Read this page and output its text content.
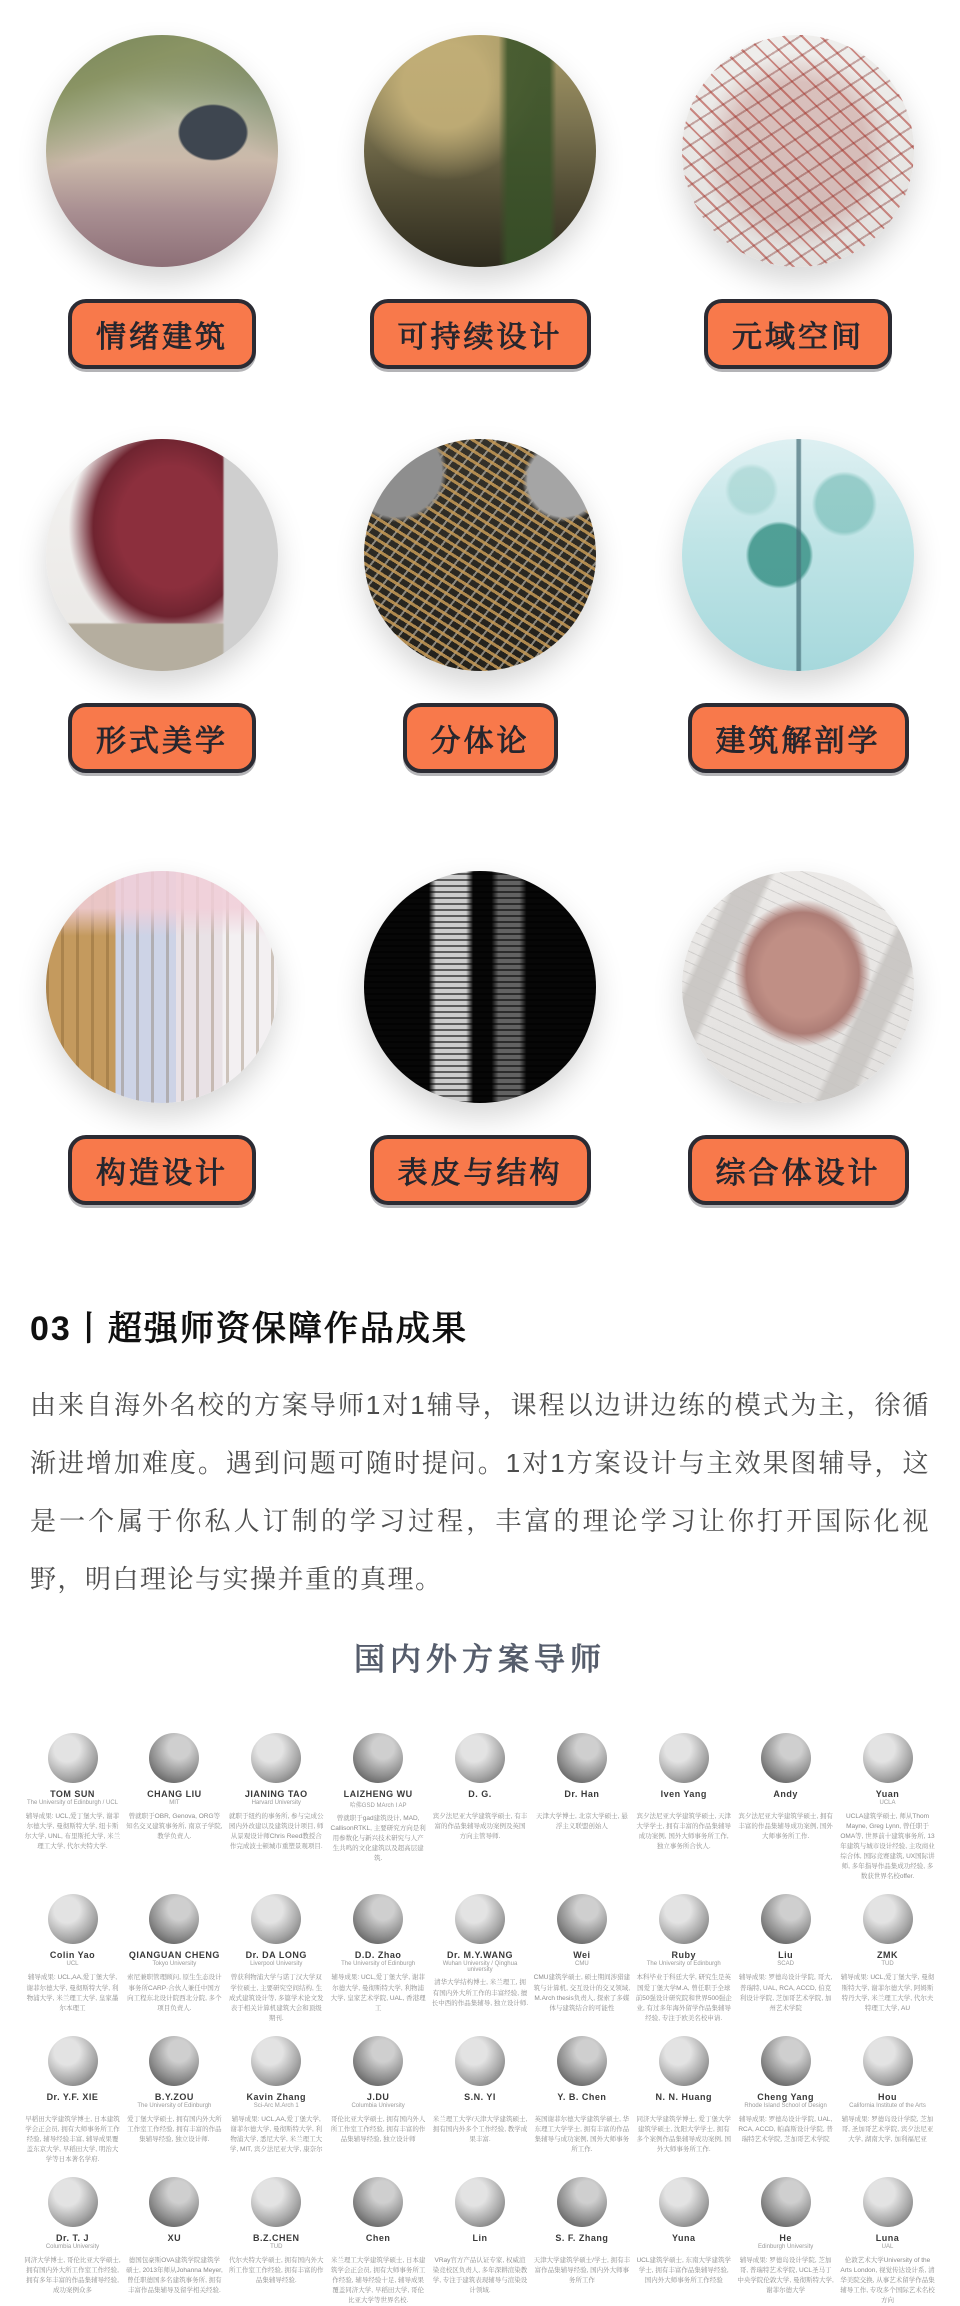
情绪建筑	可持续设计	元域空间
形式美学	分体论	建筑解剖学
构造设计	表皮与结构	综合体设计
03丨超强师资保障作品成果
由来自海外名校的方案导师1对1辅导，课程以边讲边练的模式为主，徐循渐进增加难度。遇到问题可随时提问。1对1方案设计与主效果图辅导，这是一个属于你私人订制的学习过程，丰富的理论学习让你打开国际化视野，明白理论与实操并重的真理。
国内外方案导师
TOM SUN
The University of Edinburgh / UCL
辅导成果: UCL,爱丁堡大学, 谢菲尔德大学, 曼彻斯特大学, 纽卡斯尔大学, UNL, 布里斯托大学, 米兰理工大学, 代尔夫特大学.
CHANG LIU
MIT
曾就职于OBR, Genova, ORG等知名交叉建筑事务所, 南京子学院, 教学负责人.
JIANING TAO
Harvard University
就职于纽约的事务所, 参与完成公园内外改建以及建筑设计项目, 师从景观设计师Chris Reed教授合作完成波士顿城市重塑景观项目.
LAIZHENG WU
哈佛GSD MArch I AP
曾就职于gad建筑设计, MAD, CallisonRTKL, 主要研究方向是利用参数化与新兴技术研究与人产生共鸣的文化建筑以及超高层建筑.
D. G.
宾夕法尼亚大学建筑学硕士, 有丰富的作品集辅导成功案例及英国方向主管导师.
Dr. Han
天津大学博士, 北京大学硕士, 悬浮主义联盟创始人
Iven Yang
宾夕法尼亚大学建筑学硕士, 天津大学学士, 拥有丰富的作品集辅导成功案例, 国外大师事务所工作, 独立事务所合伙人.
Andy
宾夕法尼亚大学建筑学硕士, 拥有丰富的作品集辅导成功案例, 国外大师事务所工作.
Yuan
UCLA
UCLA建筑学硕士, 师从Thom Mayne, Greg Lynn, 曾任职于OMA等, 世界前十建筑事务所, 13年建筑与城市设计经验, 主攻商业综合体, 国际竞赛建筑, UX国际讲师, 多年指导作品集成功经验, 多数获世界名校offer.
Colin Yao
UCL
辅导成果: UCL,AA,爱丁堡大学, 谢菲尔德大学, 曼彻斯特大学, 利物浦大学, 米兰理工大学, 皇家墨尔本理工
QIANGUAN CHENG
Tokyo University
索尼兼职管理顾问, 原生生态设计事务所CARP·合伙人兼任中国方向工程东北设计院西北分院, 多个项目负责人.
Dr. DA LONG
Liverpool University
曾获利物浦大学与诺丁汉大学双学位硕士, 主要研究空间结构, 生成式建筑设计等, 多篇学术论文发表于相关计算机建筑大会和顶级期刊.
D.D. Zhao
The University of Edinburgh
辅导成果: UCL,爱丁堡大学, 谢菲尔德大学, 曼彻斯特大学, 利物浦大学, 皇家艺术学院, UAL, 香港理工
Dr. M.Y.WANG
Wuhan University / Qinghua university
清华大学结构博士, 米兰理工, 拥有国内外大所工作的丰富经验, 擅长中西的作品集辅导, 独立设计师.
Wei
CMU
CMU建筑学硕士, 硕士期间涉猎建筑与计算机, 交互设计的交叉领域, M.Arch thesis负责人, 探索了多媒体与建筑结合的可能性
Ruby
The University of Edinburgh
本科毕业于科廷大学, 研究生是英国爱丁堡大学M.A, 曾任职于全球前50强设计研究院和世界500强企业, 有过多年海外留学作品集辅导经验, 专注于欧美名校申请.
Liu
SCAD
辅导成果: 罗德岛设计学院, 哥大, 普瑞特, UAL, RCA, ACCD, 伯克利设计学院, 芝加哥艺术学院, 加州艺术学院
ZMK
TUD
辅导成果: UCL,爱丁堡大学, 曼彻斯特大学, 谢菲尔德大学, 阿姆斯特丹大学, 米兰理工大学, 代尔夫特理工大学, AU
Dr. Y.F. XIE
早稻田大学建筑学博士, 日本建筑学会正会员, 拥有大师事务所工作经验, 辅导经验丰富, 辅导成果覆盖东京大学, 早稻田大学, 明治大学等日本著名学府.
B.Y.ZOU
The University of Edinburgh
爱丁堡大学硕士, 拥有国内外大所工作室工作经验, 拥有丰富的作品集辅导经验, 独立设计师.
Kavin Zhang
Sci-Arc M.Arch 1
辅导成果: UCL,AA,爱丁堡大学, 谢菲尔德大学, 曼彻斯特大学, 利物浦大学, 悉尼大学, 米兰理工大学, MIT, 宾夕法尼亚大学, 康奈尔
J.DU
Columbia University
哥伦比亚大学硕士, 拥有国内外人所工作室工作经验, 拥有丰富的作品集辅导经验, 独立设计师
S.N. YI
米兰理工大学/天津大学建筑硕士, 拥有国内外多个工作经验, 教学成果丰富.
Y. B. Chen
英国谢菲尔德大学建筑学硕士, 华东理工大学学士, 拥有丰富的作品集辅导与成功案例, 国外大师事务所工作.
N. N. Huang
同济大学建筑学博士, 爱丁堡大学建筑学硕士, 沈阳大学学士, 拥有多个案例作品集辅导成功案例, 国外大师事务所工作.
Cheng Yang
Rhode Island School of Design
辅导成果: 罗德岛设计学院, UAL, RCA, ACCD, 帕森斯设计学院, 普瑞特艺术学院, 芝加哥艺术学院
Hou
California Institute of the Arts
辅导成果: 罗德岛设计学院, 芝加哥, 圣加哥艺术学院, 宾夕法尼亚大学, 湖南大学, 加利福尼亚
Dr. T. J
Columbia University
同济大学博士, 哥伦比亚大学硕士, 拥有国内外大所工作室工作经验, 拥有多年丰富的作品集辅导经验, 成功案例众多
XU
德国包豪斯OVA建筑学院建筑学硕士, 2013年师从Johanna Meyer, 曾任职德国多名建筑事务所, 拥有丰富作品集辅导及留学相关经验.
B.Z.CHEN
TUD
代尔夫特大学硕士, 拥有国内外大所工作室工作经验, 拥有丰富的作品集辅导经验.
Chen
米兰理工大学建筑学硕士, 日本建筑学会正会员, 拥有大师事务所工作经验, 辅导经验十足, 辅导成果覆盖同济大学, 早稻田大学, 哥伦比亚大学等世界名校.
Lin
VRay官方产品认证专家, 权威渲染竞校区负责人, 多年深耕渲染教学, 专注于建筑表现辅导与渲染设计领域.
S. F. Zhang
天津大学建筑学硕士/学士, 拥有丰富作品集辅导经验, 国内外大师事务所工作
Yuna
UCL建筑学硕士, 东南大学建筑学学士, 拥有丰富作品集辅导经验, 国内外大师事务所工作经验
He
Edinburgh University
辅导成果: 罗德岛设计学院, 芝加哥, 普瑞特艺术学院, UCL圣马丁中央学院伦敦大学, 曼彻斯特大学, 谢菲尔德大学
Luna
UAL
伦敦艺术大学University of the Arts London, 视觉传达设计系, 清华美院交换, 从事艺术留学作品集辅导工作, 专攻多个国际艺术名校方向
